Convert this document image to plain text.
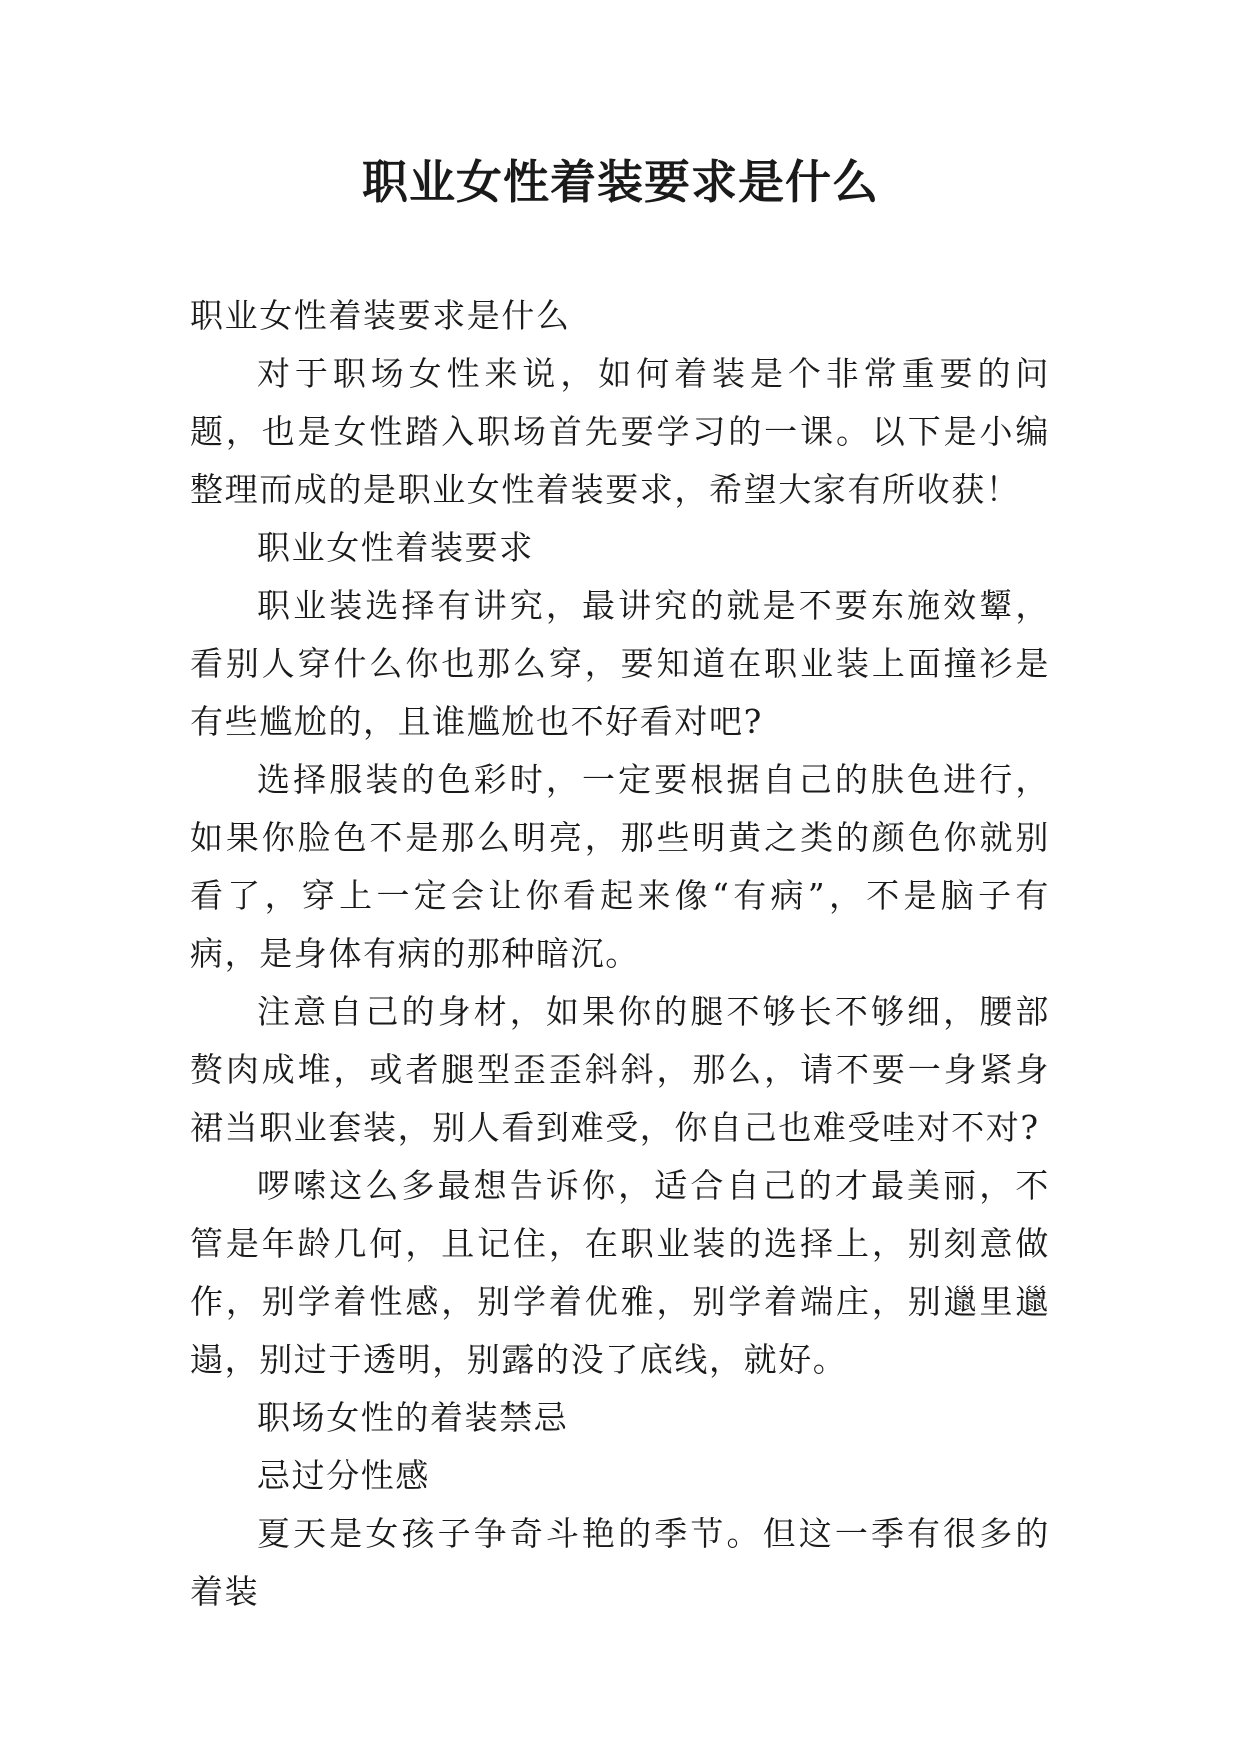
职业女性着装要求是什么

职业女性着装要求是什么

对于职场女性来说，如何着装是个非常重要的问题，也是女性踏入职场首先要学习的一课。以下是小编整理而成的是职业女性着装要求，希望大家有所收获！

职业女性着装要求

职业装选择有讲究，最讲究的就是不要东施效颦，看别人穿什么你也那么穿，要知道在职业装上面撞衫是有些尴尬的，且谁尴尬也不好看对吧?

选择服装的色彩时，一定要根据自己的肤色进行，如果你脸色不是那么明亮，那些明黄之类的颜色你就别看了，穿上一定会让你看起来像“有病”，不是脑子有病，是身体有病的那种暗沉。

注意自己的身材，如果你的腿不够长不够细，腰部赘肉成堆，或者腿型歪歪斜斜，那么，请不要一身紧身裙当职业套装，别人看到难受，你自己也难受哇对不对?

啰嗦这么多最想告诉你，适合自己的才最美丽，不管是年龄几何，且记住，在职业装的选择上，别刻意做作，别学着性感，别学着优雅，别学着端庄，别邋里邋遢，别过于透明，别露的没了底线，就好。

职场女性的着装禁忌

忌过分性感

夏天是女孩子争奇斗艳的季节。但这一季有很多的着装
